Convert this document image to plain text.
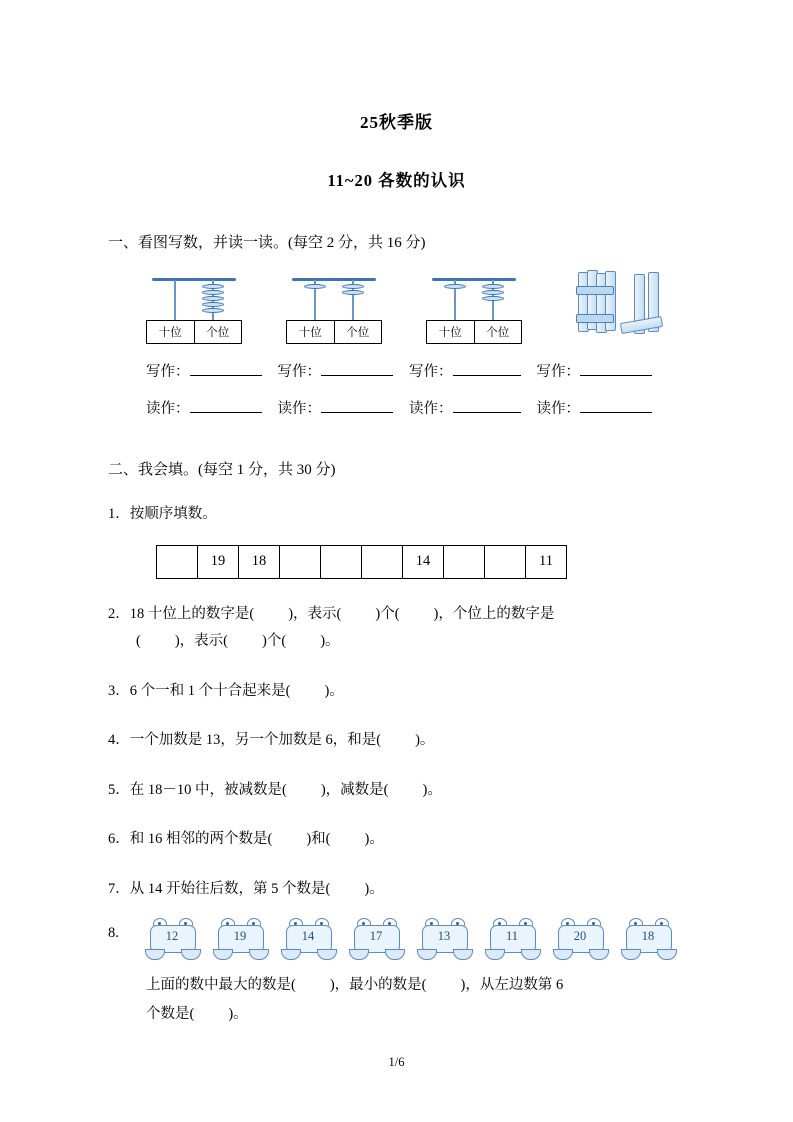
25秋季版
11~20 各数的认识
一、看图写数，并读一读。(每空 2 分，共 16 分)
十位	个位	十位	个位	十位	个位
写作：	写作：	写作：	写作：
读作：	读作：	读作：	读作：
二、我会填。(每空 1 分，共 30 分)
1．按顺序填数。
	19	18				14			11
2．18 十位上的数字是( )，表示( )个( )，个位上的数字是
( )，表示( )个( )。
3．6 个一和 1 个十合起来是( )。
4．一个加数是 13，另一个加数是 6，和是( )。
5．在 18－10 中，被减数是( )，减数是( )。
6．和 16 相邻的两个数是( )和( )。
7．从 14 开始往后数，第 5 个数是( )。
8.	12	19	14	17	13	11	20	18
上面的数中最大的数是( )，最小的数是( )，从左边数第 6
个数是( )。
1/6
